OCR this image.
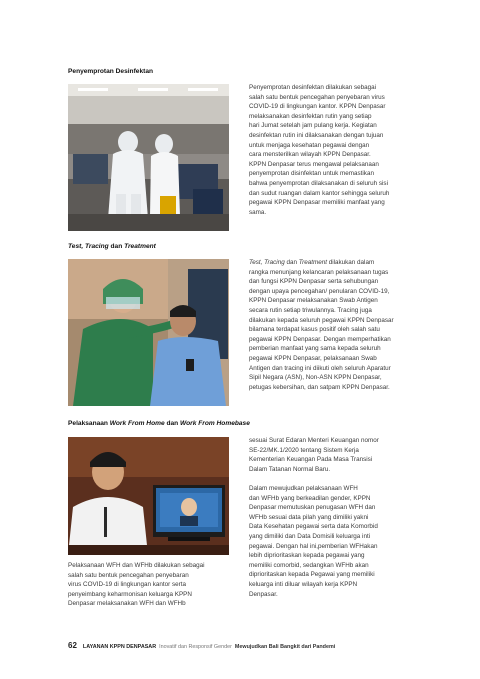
Penyemprotan Desinfektan

Penyemprotan desinfektan dilakukan sebagai

salah satu bentuk pencegahan penyebaran virus

COVID-19 di lingkungan kantor. KPPN Denpasar

melaksanakan desinfektan rutin yang setiap

hari Jumat setelah jam pulang kerja. Kegiatan

desinfektan rutin ini dilaksanakan dengan tujuan

untuk menjaga kesehatan pegawai dengan

cara mensterilkan wilayah KPPN Denpasar.

KPPN Denpasar terus mengawal pelaksanaan

penyemprotan disinfektan untuk memastikan

bahwa penyemprotan dilaksanakan di seluruh sisi

dan sudut ruangan dalam kantor sehingga seluruh

pegawai KPPN Denpasar memiliki manfaat yang

sama.

Test, Tracing dan Treatment

Test, Tracing dan Treatment dilakukan dalam

rangka menunjang kelancaran pelaksanaan tugas

dan fungsi KPPN Denpasar serta sehubungan

dengan upaya pencegahan/ penularan COVID-19,

KPPN Denpasar melaksanakan Swab Antigen

secara rutin setiap triwulannya. Tracing juga

dilakukan kepada seluruh pegawai KPPN Denpasar

bilamana terdapat kasus positif oleh salah satu

pegawai KPPN Denpasar. Dengan memperhatikan

pemberian manfaat yang sama kepada seluruh

pegawai KPPN Denpasar, pelaksanaan Swab

Antigen dan tracing ini diikuti oleh seluruh Aparatur

Sipil Negara (ASN), Non-ASN KPPN Denpasar,

petugas kebersihan, dan satpam KPPN Denpasar.

Pelaksanaan Work From Home dan Work From Homebase

Pelaksanaan WFH dan WFHb dilakukan sebagai

salah satu bentuk pencegahan penyebaran

virus COVID-19 di lingkungan kantor serta

penyeimbang keharmonisan keluarga KPPN

Denpasar melaksanakan WFH dan WFHb

sesuai Surat Edaran Menteri Keuangan nomor

SE-22/MK.1/2020 tentang Sistem Kerja

Kementerian Keuangan Pada Masa Transisi

Dalam Tatanan Normal Baru.

Dalam mewujudkan pelaksanaan WFH

dan WFHb yang berkeadilan gender, KPPN

Denpasar memutuskan penugasan WFH dan

WFHb sesuai data pilah yang dimiliki yakni

Data Kesehatan pegawai serta data Komorbid

yang dimiliki dan Data Domisili keluarga inti

pegawai. Dengan hal ini,pemberian WFHakan

lebih diprioritaskan kepada pegawai yang

memiliki comorbid, sedangkan WFHb akan

diprioritaskan kepada Pegawai yang memiliki

keluarga inti diluar wilayah kerja KPPN

Denpasar.

62 LAYANAN KPPN DENPASAR Inovatif dan Responsif Gender Mewujudkan Bali Bangkit dari Pandemi
